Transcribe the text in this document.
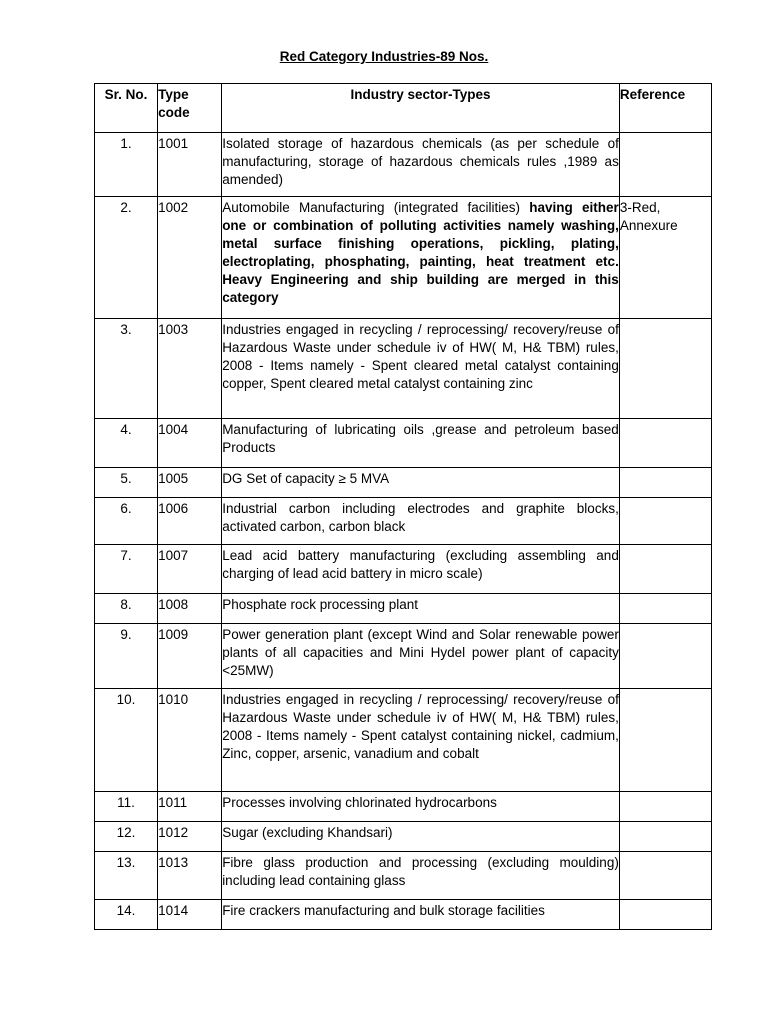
Red Category Industries-89 Nos.
Sr. No.	Type code	Industry sector-Types	Reference
1.	1001	Isolated storage of hazardous chemicals (as per schedule of manufacturing, storage of hazardous chemicals rules ,1989 as amended)	
2.	1002	Automobile Manufacturing (integrated facilities) having either one or combination of polluting activities namely washing, metal surface finishing operations, pickling, plating, electroplating, phosphating, painting, heat treatment etc. Heavy Engineering and ship building are merged in this category	3-Red, Annexure
3.	1003	Industries engaged in recycling / reprocessing/ recovery/reuse of Hazardous Waste under schedule iv of HW( M, H& TBM) rules, 2008 - Items namely - Spent cleared metal catalyst containing copper, Spent cleared metal catalyst containing zinc	
4.	1004	Manufacturing of lubricating oils ,grease and petroleum based Products	
5.	1005	DG Set of capacity ≥ 5 MVA	
6.	1006	Industrial carbon including electrodes and graphite blocks, activated carbon, carbon black	
7.	1007	Lead acid battery manufacturing (excluding assembling and charging of lead acid battery in micro scale)	
8.	1008	Phosphate rock processing plant	
9.	1009	Power generation plant (except Wind and Solar renewable power plants of all capacities and Mini Hydel power plant of capacity <25MW)	
10.	1010	Industries engaged in recycling / reprocessing/ recovery/reuse of Hazardous Waste under schedule iv of HW( M, H& TBM) rules, 2008 - Items namely - Spent catalyst containing nickel, cadmium, Zinc, copper, arsenic, vanadium and cobalt	
11.	1011	Processes involving chlorinated hydrocarbons	
12.	1012	Sugar (excluding Khandsari)	
13.	1013	Fibre glass production and processing (excluding moulding) including lead containing glass	
14.	1014	Fire crackers manufacturing and bulk storage facilities	
